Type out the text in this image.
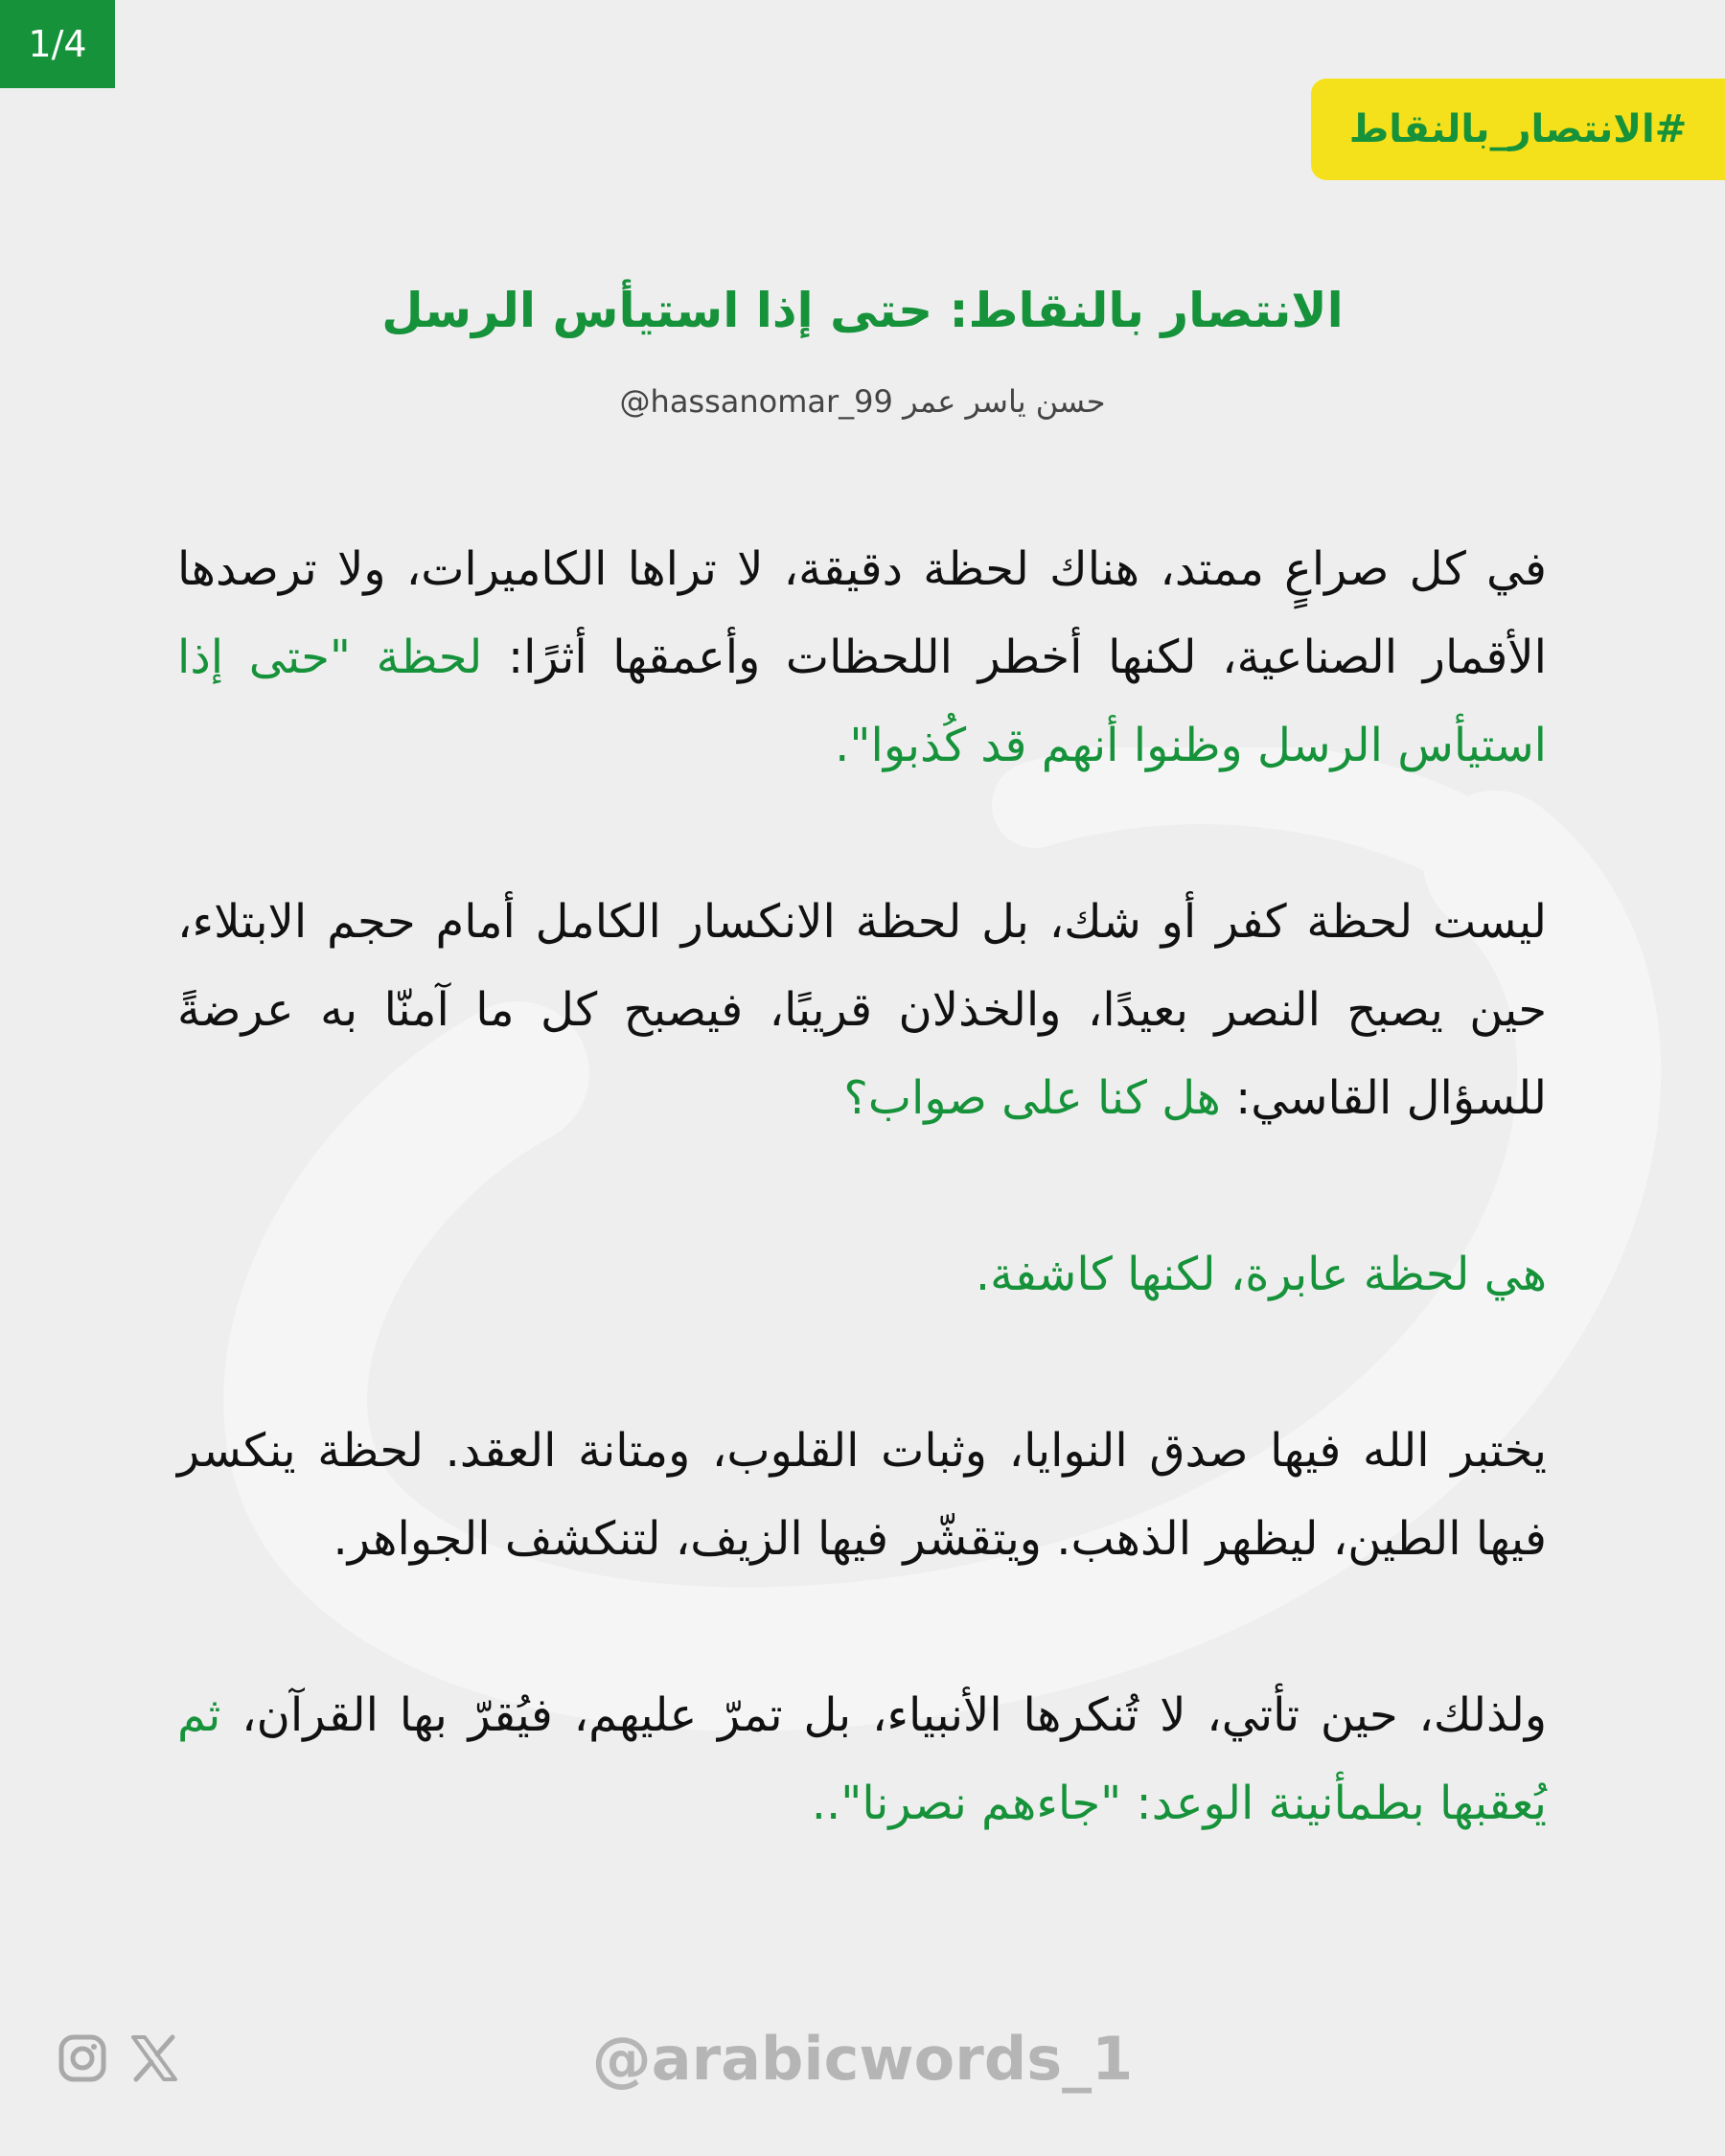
1/4
#الانتصار_بالنقاط
الانتصار بالنقاط: حتى إذا استيأس الرسل
حسن ياسر عمر @hassanomar_99

في كل صراعٍ ممتد، هناك لحظة دقيقة، لا تراها الكاميرات، ولا ترصدها الأقمار الصناعية، لكنها أخطر اللحظات وأعمقها أثرًا: لحظة "حتى إذا استيأس الرسل وظنوا أنهم قد كُذبوا".

ليست لحظة كفر أو شك، بل لحظة الانكسار الكامل أمام حجم الابتلاء، حين يصبح النصر بعيدًا، والخذلان قريبًا، فيصبح كل ما آمنّا به عرضةً للسؤال القاسي: هل كنا على صواب؟

هي لحظة عابرة، لكنها كاشفة.

يختبر الله فيها صدق النوايا، وثبات القلوب، ومتانة العقد. لحظة ينكسر فيها الطين، ليظهر الذهب. ويتقشّر فيها الزيف، لتنكشف الجواهر.

ولذلك، حين تأتي، لا تُنكرها الأنبياء، بل تمرّ عليهم، فيُقرّ بها القرآن، ثم يُعقبها بطمأنينة الوعد: "جاءهم نصرنا"..

@arabicwords_1
